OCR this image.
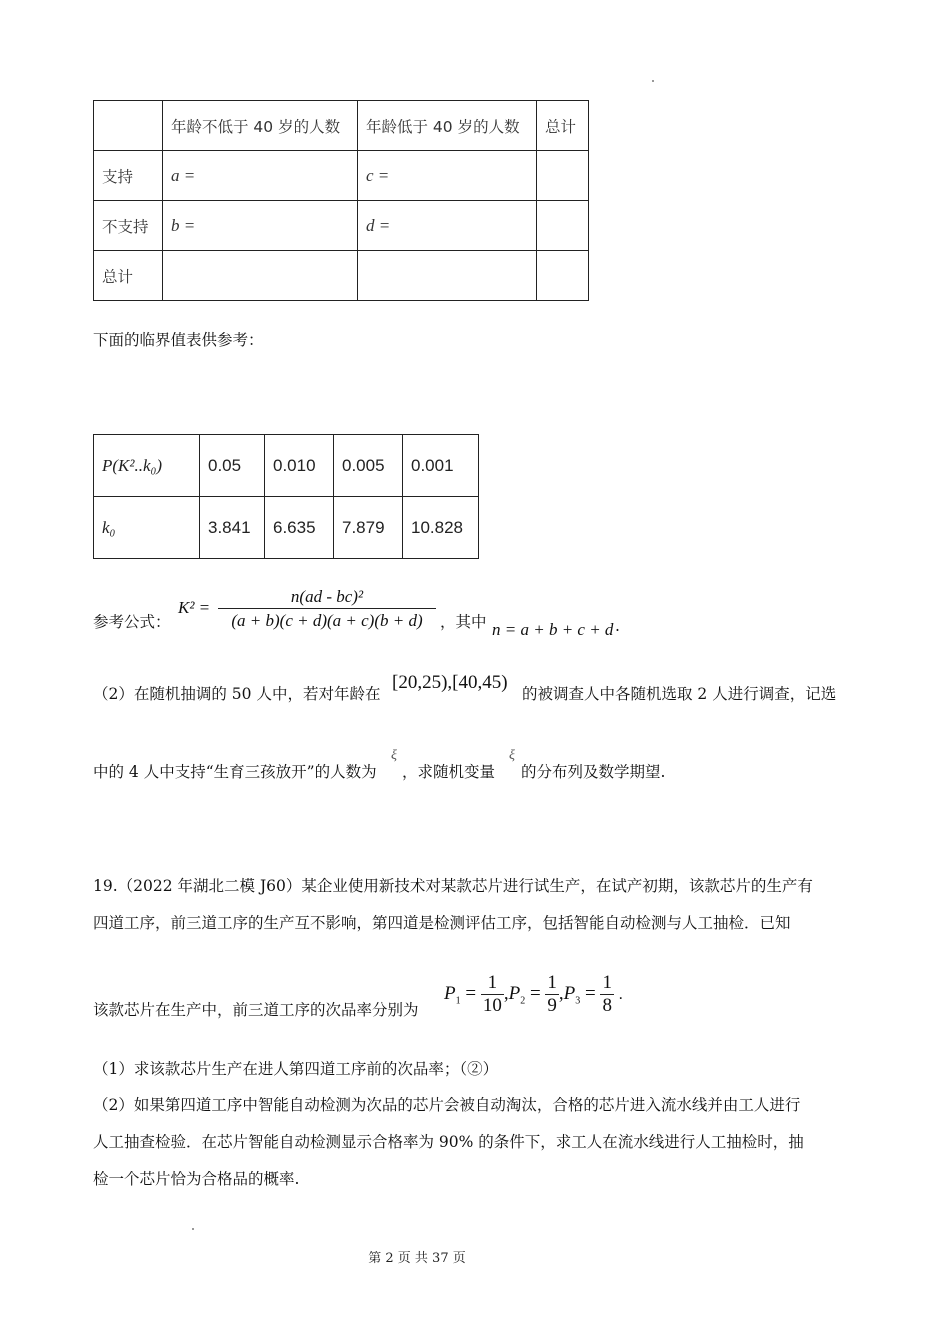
	年龄不低于 40 岁的人数	年龄低于 40 岁的人数	总计
支持	a =	c =	
不支持	b =	d =	
总计			
下面的临界值表供参考：
P(K²..k₀)	0.05	0.010	0.005	0.001
k₀	3.841	6.635	7.879	10.828
参考公式：
$K^2 = \frac{\text{n(ad - bc)²}}{(a + b)(c + d)(a + c)(b + d)}$ ，其中 n = a + b + c + d .
（2）在随机抽调的 50 人中，若对年龄在
[20,25),[40,45)
的被调查人中各随机选取 2 人进行调查，记选
中的 4 人中支持“生育三孩放开”的人数为
ξ
，求随机变量
ξ
的分布列及数学期望.
19.（2022 年湖北二模 J60）某企业使用新技术对某款芯片进行试生产，在试产初期，该款芯片的生产有
四道工序，前三道工序的生产互不影响，第四道是检测评估工序，包括智能自动检测与人工抽检．已知
该款芯片在生产中，前三道工序的次品率分别为
$P_1 = \frac{1}{10} ,P_2 = \frac{1}{9} ,P_3 = \frac{1}{8}$ .
（1）求该款芯片生产在进人第四道工序前的次品率；（②）
（2）如果第四道工序中智能自动检测为次品的芯片会被自动淘汰，合格的芯片进入流水线并由工人进行
人工抽查检验．在芯片智能自动检测显示合格率为 90% 的条件下，求工人在流水线进行人工抽检时，抽
检一个芯片恰为合格品的概率.
第 2 页 共 37 页
